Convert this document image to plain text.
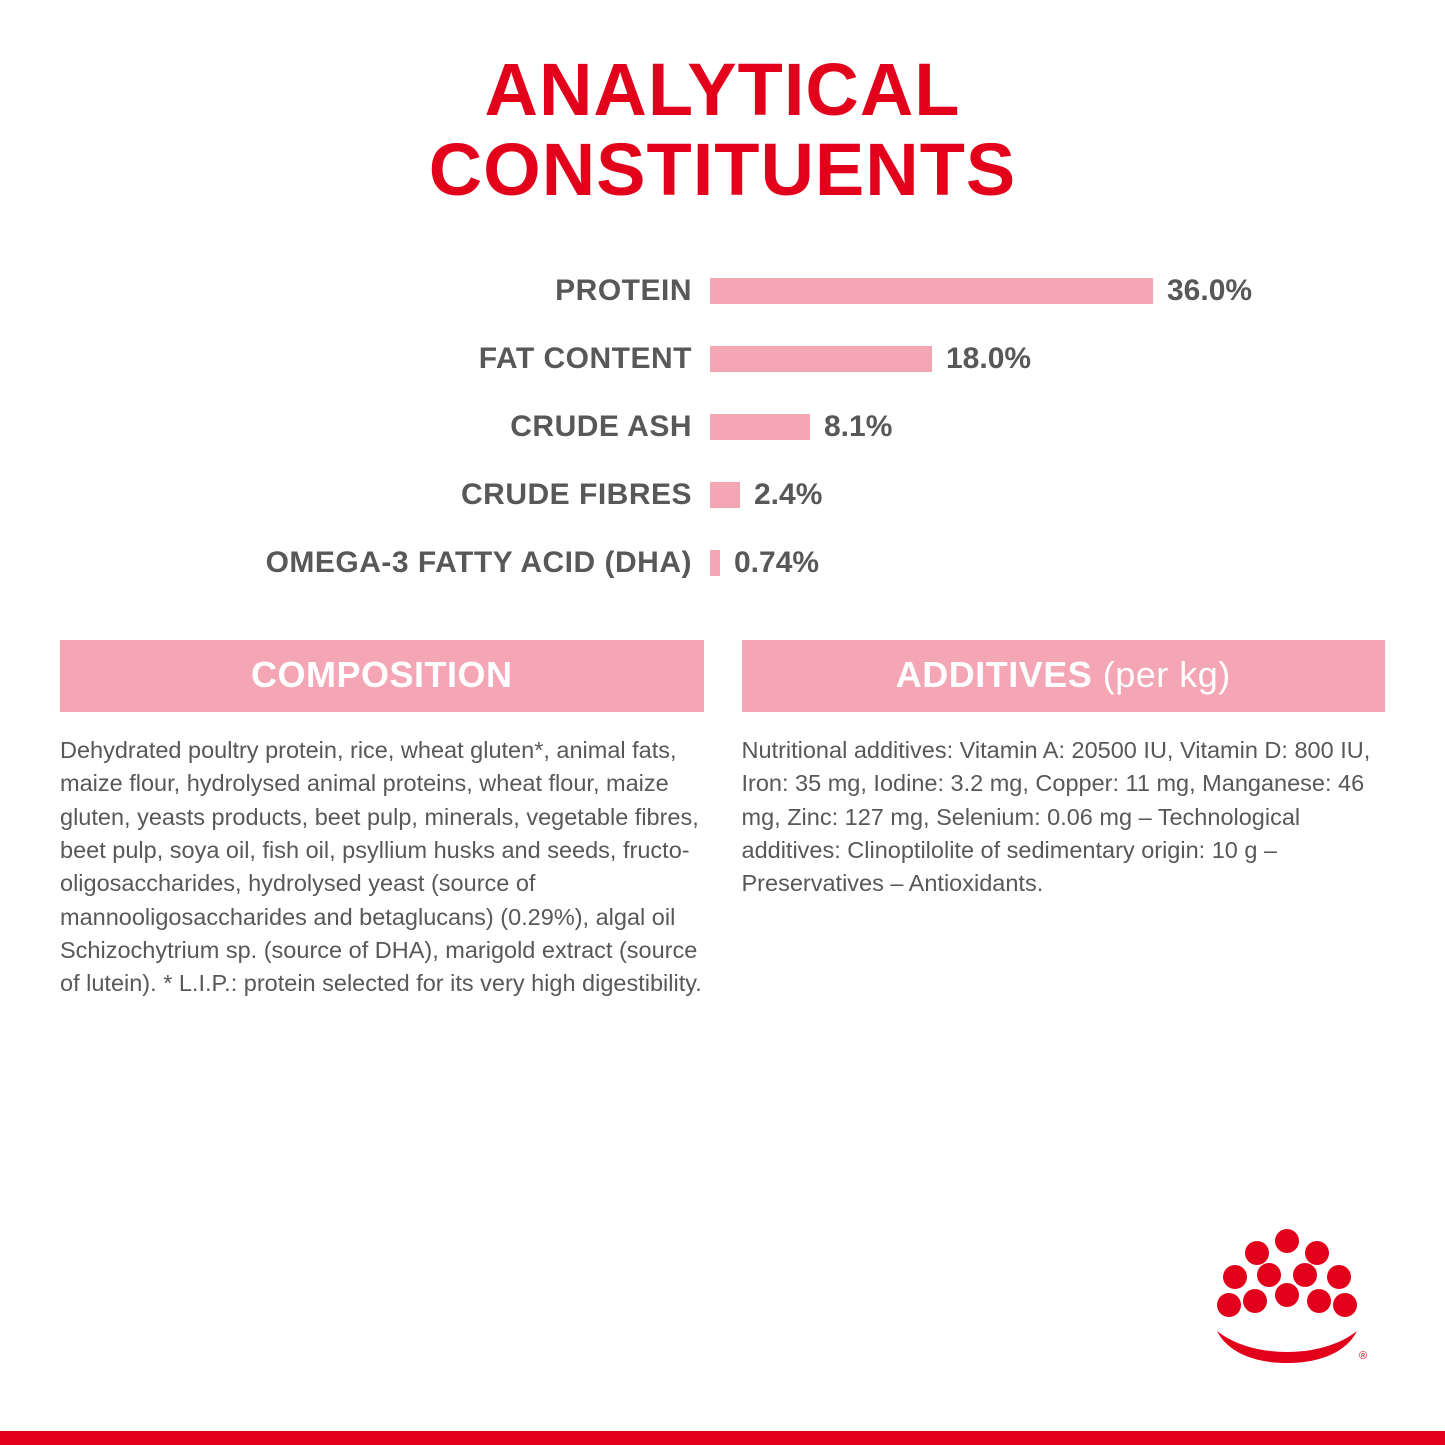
ANALYTICAL
CONSTITUENTS
PROTEIN	36.0%
FAT CONTENT	18.0%
CRUDE ASH	8.1%
CRUDE FIBRES	2.4%
OMEGA-3 FATTY ACID (DHA)	0.74%
COMPOSITION
Dehydrated poultry protein, rice, wheat gluten*, animal fats, maize flour, hydrolysed animal proteins, wheat flour, maize gluten, yeasts products, beet pulp, minerals, vegetable fibres, beet pulp, soya oil, fish oil, psyllium husks and seeds, fructo-oligosaccharides, hydrolysed yeast (source of mannooligosaccharides and betaglucans) (0.29%), algal oil Schizochytrium sp. (source of DHA), marigold extract (source of lutein). * L.I.P.: protein selected for its very high digestibility.
ADDITIVES (per kg)
Nutritional additives: Vitamin A: 20500 IU, Vitamin D: 800 IU, Iron: 35 mg, Iodine: 3.2 mg, Copper: 11 mg, Manganese: 46 mg, Zinc: 127 mg, Selenium: 0.06 mg – Technological additives: Clinoptilolite of sedimentary origin: 10 g – Preservatives – Antioxidants.
®
